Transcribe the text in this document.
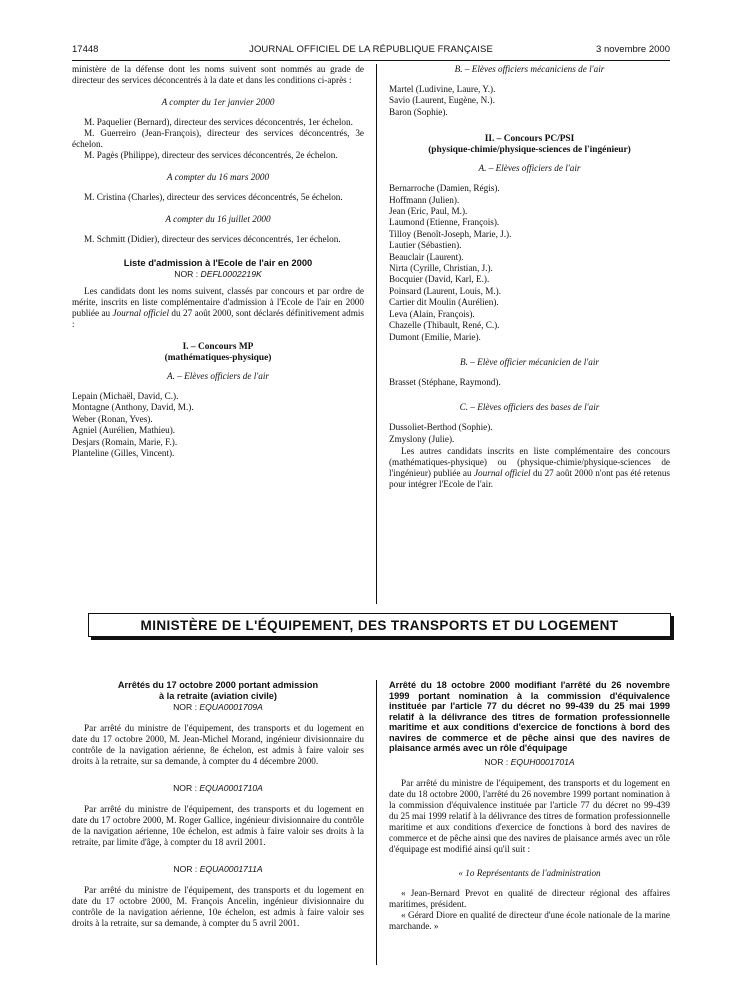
17448	JOURNAL OFFICIEL DE LA RÉPUBLIQUE FRANÇAISE	3 novembre 2000

ministère de la défense dont les noms suivent sont nommés au grade de directeur des services déconcentrés à la date et dans les conditions ci-après :

A compter du 1er janvier 2000

M. Paquelier (Bernard), directeur des services déconcentrés, 1er échelon.

M. Guerreiro (Jean-François), directeur des services déconcentrés, 3e échelon.

M. Pagès (Philippe), directeur des services déconcentrés, 2e échelon.

A compter du 16 mars 2000

M. Cristina (Charles), directeur des services déconcentrés, 5e échelon.

A compter du 16 juillet 2000

M. Schmitt (Didier), directeur des services déconcentrés, 1er échelon.

Liste d'admission à l'Ecole de l'air en 2000
NOR : DEFL0002219K

Les candidats dont les noms suivent, classés par concours et par ordre de mérite, inscrits en liste complémentaire d'admission à l'Ecole de l'air en 2000 publiée au Journal officiel du 27 août 2000, sont déclarés définitivement admis :

I. – Concours MP
(mathématiques-physique)
A. – Elèves officiers de l'air
Lepain (Michaël, David, C.).
Montagne (Anthony, David, M.).
Weber (Ronan, Yves).
Agniel (Aurélien, Mathieu).
Desjars (Romain, Marie, F.).
Planteline (Gilles, Vincent).
B. – Elèves officiers mécaniciens de l'air
Martel (Ludivine, Laure, Y.).
Savio (Laurent, Eugène, N.).
Baron (Sophie).
II. – Concours PC/PSI
(physique-chimie/physique-sciences de l'ingénieur)
A. – Elèves officiers de l'air
Bernarroche (Damien, Régis).
Hoffmann (Julien).
Jean (Eric, Paul, M.).
Laumond (Etienne, François).
Tilloy (Benoît-Joseph, Marie, J.).
Lautier (Sébastien).
Beauclair (Laurent).
Nirta (Cyrille, Christian, J.).
Bocquier (David, Karl, E.).
Poinsard (Laurent, Louis, M.).
Cartier dit Moulin (Aurélien).
Leva (Alain, François).
Chazelle (Thibault, René, C.).
Dumont (Emilie, Marie).
B. – Elève officier mécanicien de l'air
Brasset (Stéphane, Raymond).
C. – Elèves officiers des bases de l'air
Dussoliet-Berthod (Sophie).
Zmyslony (Julie).

Les autres candidats inscrits en liste complémentaire des concours (mathématiques-physique) ou (physique-chimie/physique-sciences de l'ingénieur) publiée au Journal officiel du 27 août 2000 n'ont pas été retenus pour intégrer l'Ecole de l'air.

MINISTÈRE DE L'ÉQUIPEMENT, DES TRANSPORTS ET DU LOGEMENT
Arrêtés du 17 octobre 2000 portant admission
à la retraite (aviation civile)
NOR : EQUA0001709A

Par arrêté du ministre de l'équipement, des transports et du logement en date du 17 octobre 2000, M. Jean-Michel Morand, ingénieur divisionnaire du contrôle de la navigation aérienne, 8e échelon, est admis à faire valoir ses droits à la retraite, sur sa demande, à compter du 4 décembre 2000.

NOR : EQUA0001710A

Par arrêté du ministre de l'équipement, des transports et du logement en date du 17 octobre 2000, M. Roger Gallice, ingénieur divisionnaire du contrôle de la navigation aérienne, 10e échelon, est admis à faire valoir ses droits à la retraite, par limite d'âge, à compter du 18 avril 2001.

NOR : EQUA0001711A

Par arrêté du ministre de l'équipement, des transports et du logement en date du 17 octobre 2000, M. François Ancelin, ingénieur divisionnaire du contrôle de la navigation aérienne, 10e échelon, est admis à faire valoir ses droits à la retraite, sur sa demande, à compter du 5 avril 2001.

Arrêté du 18 octobre 2000 modifiant l'arrêté du 26 novembre 1999 portant nomination à la commission d'équivalence instituée par l'article 77 du décret no 99-439 du 25 mai 1999 relatif à la délivrance des titres de formation professionnelle maritime et aux conditions d'exercice de fonctions à bord des navires de commerce et de pêche ainsi que des navires de plaisance armés avec un rôle d'équipage

NOR : EQUH0001701A

Par arrêté du ministre de l'équipement, des transports et du logement en date du 18 octobre 2000, l'arrêté du 26 novembre 1999 portant nomination à la commission d'équivalence instituée par l'article 77 du décret no 99-439 du 25 mai 1999 relatif à la délivrance des titres de formation professionnelle maritime et aux conditions d'exercice de fonctions à bord des navires de commerce et de pêche ainsi que des navires de plaisance armés avec un rôle d'équipage est modifié ainsi qu'il suit :

« 1o Représentants de l'administration

« Jean-Bernard Prevot en qualité de directeur régional des affaires maritimes, président.

« Gérard Diore en qualité de directeur d'une école nationale de la marine marchande. »
